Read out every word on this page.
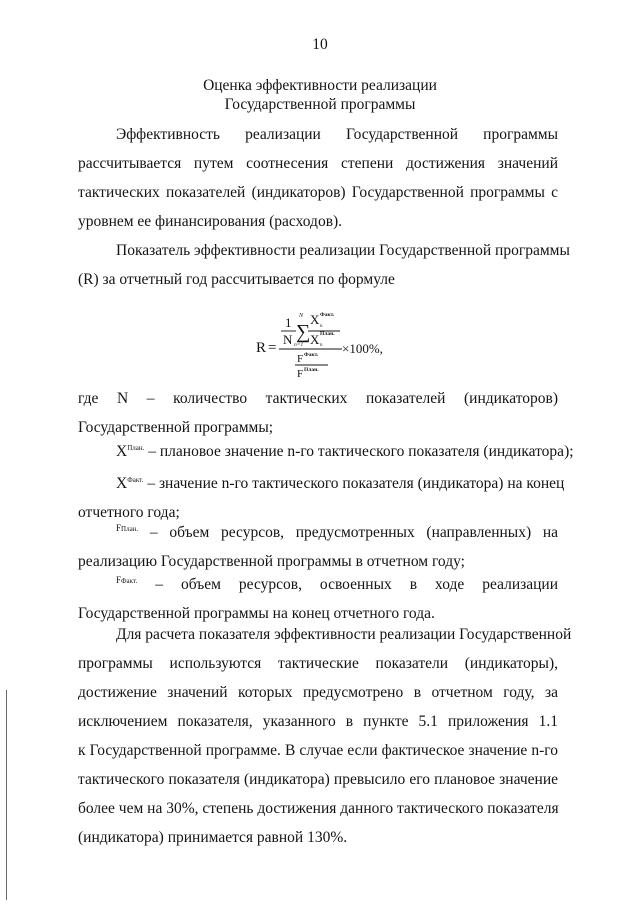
10
Оценка эффективности реализации
Государственной программы

Эффективность реализации Государственной программы
рассчитывается путем соотнесения степени достижения значений
тактических показателей (индикаторов) Государственной программы с
уровнем ее финансирования (расходов).

Показатель эффективности реализации Государственной программы
(R) за отчетный год рассчитывается по формуле

R =
1
N
N
∑
n=1
X Факт.
n
X План.
n
F Факт.
F План.
×100%,

где N – количество тактических показателей (индикаторов)
Государственной программы;

$X^{План.}$ – плановое значение n-го тактического показателя (индикатора);

$X^{Факт.}$ – значение n-го тактического показателя (индикатора) на конец
отчетного года;

$^{FПлан.}$ – объем ресурсов, предусмотренных (направленных) на
реализацию Государственной программы в отчетном году;

$^{FФакт.}$ – объем ресурсов, освоенных в ходе реализации
Государственной программы на конец отчетного года.

Для расчета показателя эффективности реализации Государственной
программы используются тактические показатели (индикаторы),
достижение значений которых предусмотрено в отчетном году, за
исключением показателя, указанного в пункте 5.1 приложения 1.1
к Государственной программе. В случае если фактическое значение n-го
тактического показателя (индикатора) превысило его плановое значение
более чем на 30%, степень достижения данного тактического показателя
(индикатора) принимается равной 130%.
